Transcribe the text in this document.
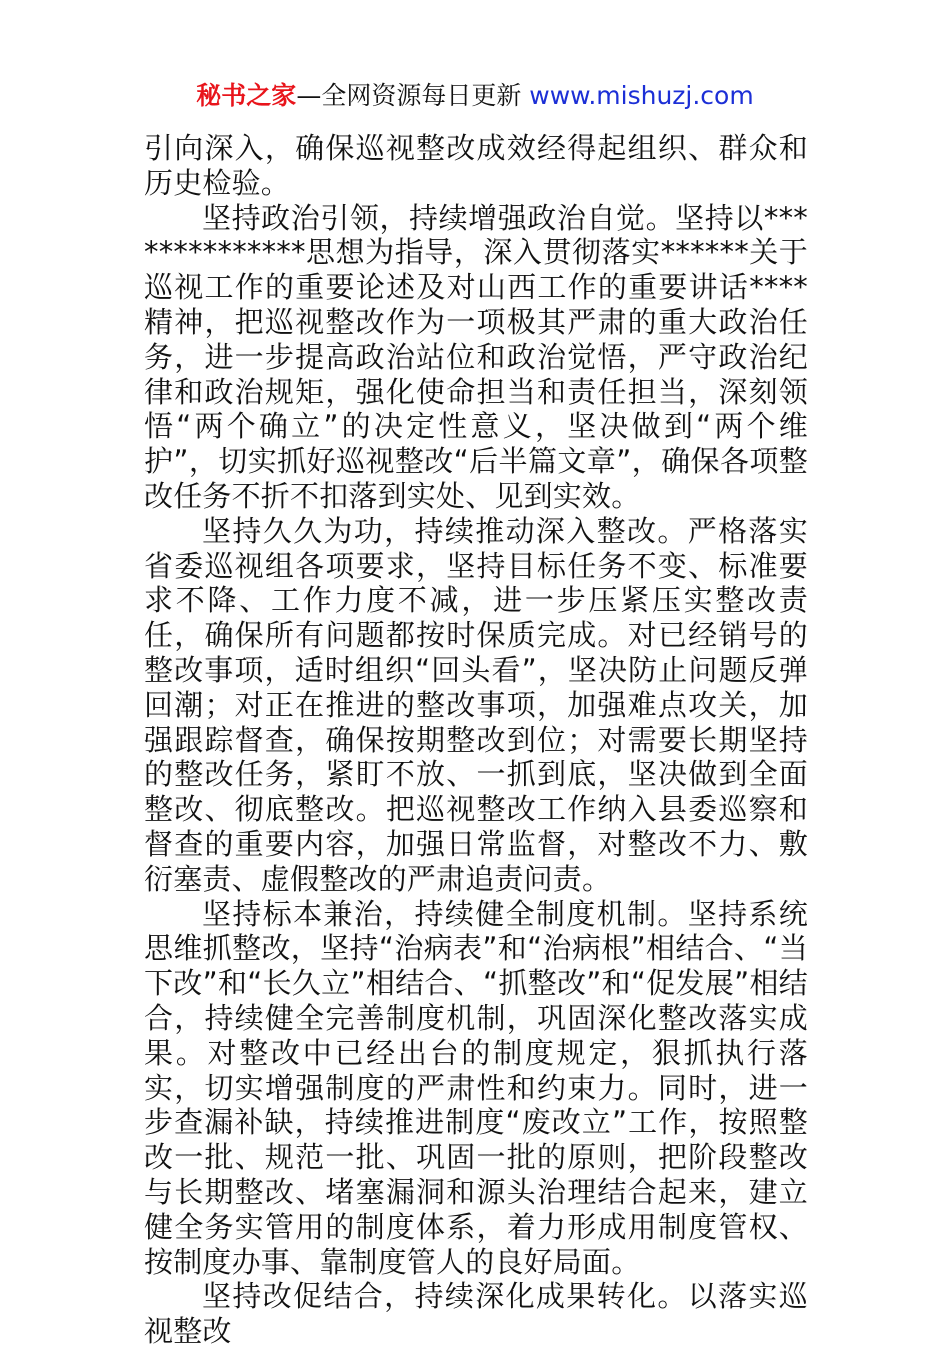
秘书之家—全网资源每日更新 www.mishuzj.com

引向深入，确保巡视整改成效经得起组织、群众和历史检验。

坚持政治引领，持续增强政治自觉。坚持以**************思想为指导，深入贯彻落实******关于巡视工作的重要论述及对山西工作的重要讲话****精神，把巡视整改作为一项极其严肃的重大政治任务，进一步提高政治站位和政治觉悟，严守政治纪律和政治规矩，强化使命担当和责任担当，深刻领悟“两个确立”的决定性意义，坚决做到“两个维护”，切实抓好巡视整改“后半篇文章”，确保各项整改任务不折不扣落到实处、见到实效。

坚持久久为功，持续推动深入整改。严格落实省委巡视组各项要求，坚持目标任务不变、标准要求不降、工作力度不减，进一步压紧压实整改责任，确保所有问题都按时保质完成。对已经销号的整改事项，适时组织“回头看”，坚决防止问题反弹回潮；对正在推进的整改事项，加强难点攻关，加强跟踪督查，确保按期整改到位；对需要长期坚持的整改任务，紧盯不放、一抓到底，坚决做到全面整改、彻底整改。把巡视整改工作纳入县委巡察和督查的重要内容，加强日常监督，对整改不力、敷衍塞责、虚假整改的严肃追责问责。

坚持标本兼治，持续健全制度机制。坚持系统思维抓整改，坚持“治病表”和“治病根”相结合、“当下改”和“长久立”相结合、“抓整改”和“促发展”相结合，持续健全完善制度机制，巩固深化整改落实成果。对整改中已经出台的制度规定，狠抓执行落实，切实增强制度的严肃性和约束力。同时，进一步查漏补缺，持续推进制度“废改立”工作，按照整改一批、规范一批、巩固一批的原则，把阶段整改与长期整改、堵塞漏洞和源头治理结合起来，建立健全务实管用的制度体系，着力形成用制度管权、按制度办事、靠制度管人的良好局面。

坚持改促结合，持续深化成果转化。以落实巡视整改
